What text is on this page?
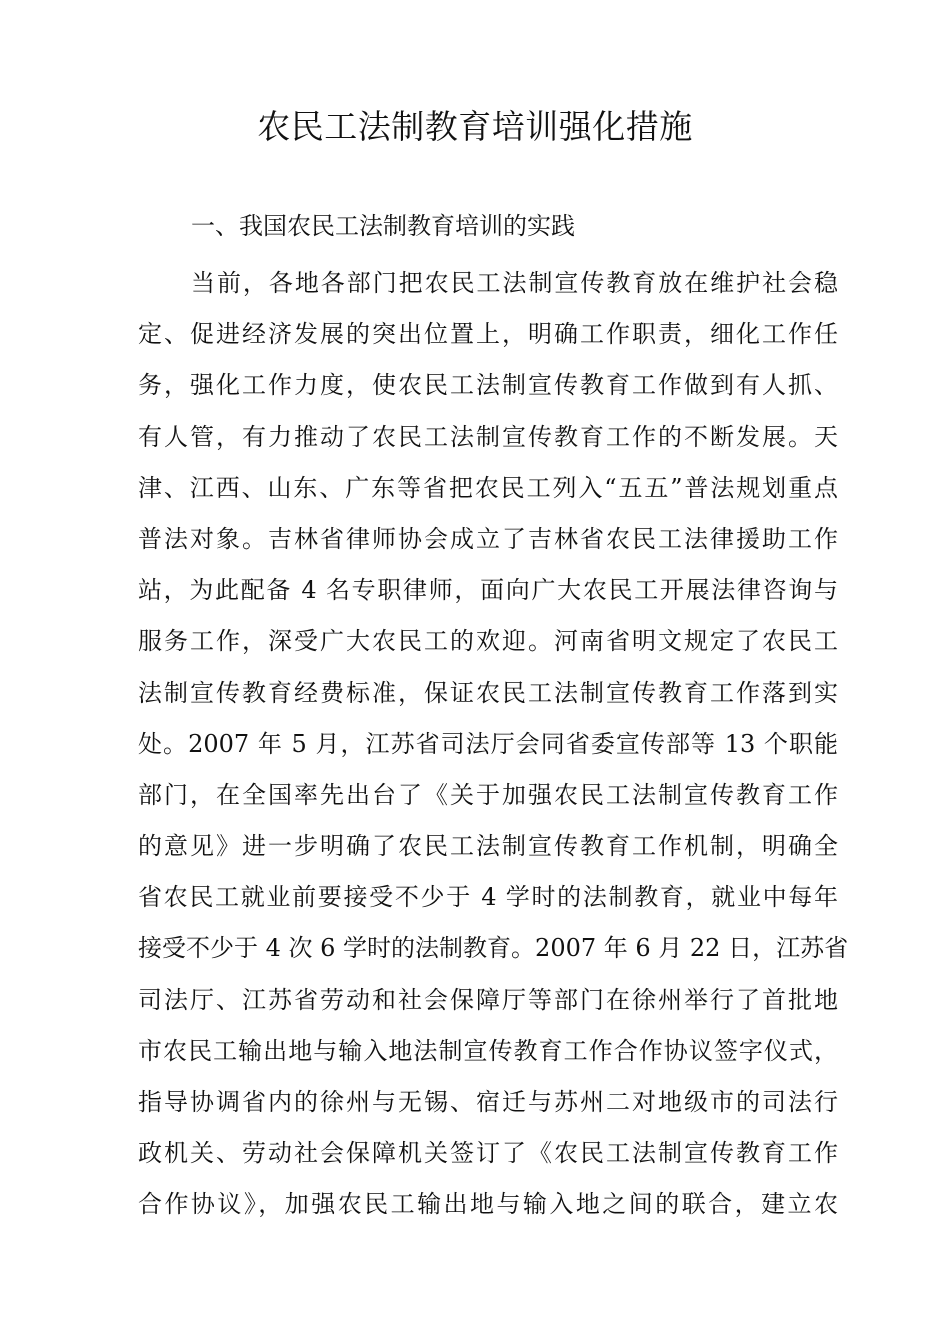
农民工法制教育培训强化措施
一、我国农民工法制教育培训的实践
当前，各地各部门把农民工法制宣传教育放在维护社会稳
定、促进经济发展的突出位置上，明确工作职责，细化工作任
务，强化工作力度，使农民工法制宣传教育工作做到有人抓、
有人管，有力推动了农民工法制宣传教育工作的不断发展。天
津、江西、山东、广东等省把农民工列入“五五”普法规划重点
普法对象。吉林省律师协会成立了吉林省农民工法律援助工作
站，为此配备 4 名专职律师，面向广大农民工开展法律咨询与
服务工作，深受广大农民工的欢迎。河南省明文规定了农民工
法制宣传教育经费标准，保证农民工法制宣传教育工作落到实
处。2007 年 5 月，江苏省司法厅会同省委宣传部等 13 个职能
部门，在全国率先出台了《关于加强农民工法制宣传教育工作
的意见》进一步明确了农民工法制宣传教育工作机制，明确全
省农民工就业前要接受不少于 4 学时的法制教育，就业中每年
接受不少于 4 次 6 学时的法制教育。2007 年 6 月 22 日，江苏省
司法厅、江苏省劳动和社会保障厅等部门在徐州举行了首批地
市农民工输出地与输入地法制宣传教育工作合作协议签字仪式，
指导协调省内的徐州与无锡、宿迁与苏州二对地级市的司法行
政机关、劳动社会保障机关签订了《农民工法制宣传教育工作
合作协议》，加强农民工输出地与输入地之间的联合，建立农
